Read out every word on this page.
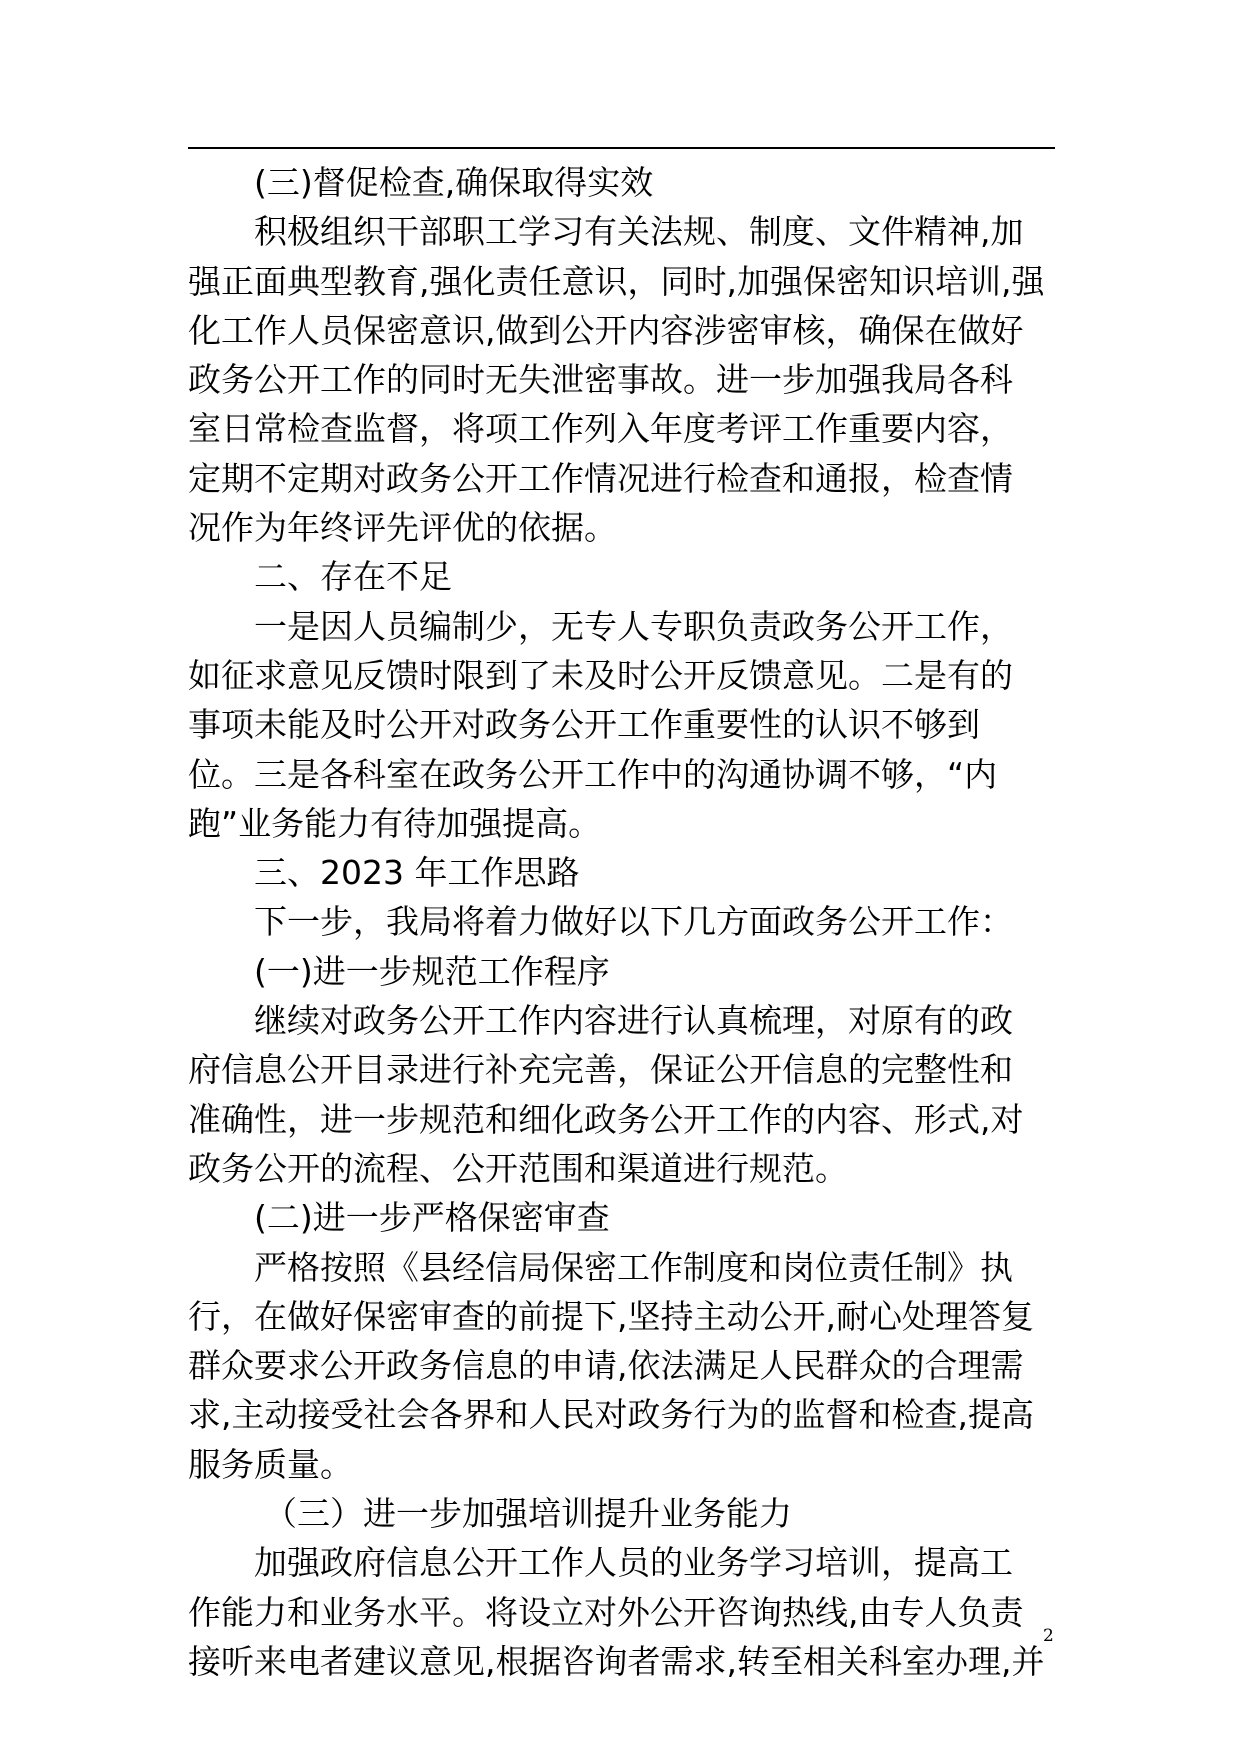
(三)督促检查,确保取得实效
积极组织干部职工学习有关法规、制度、文件精神,加
强正面典型教育,强化责任意识，同时,加强保密知识培训,强
化工作人员保密意识,做到公开内容涉密审核，确保在做好
政务公开工作的同时无失泄密事故。进一步加强我局各科
室日常检查监督，将项工作列入年度考评工作重要内容，
定期不定期对政务公开工作情况进行检查和通报，检查情
况作为年终评先评优的依据。
二、存在不足
一是因人员编制少，无专人专职负责政务公开工作，
如征求意见反馈时限到了未及时公开反馈意见。二是有的
事项未能及时公开对政务公开工作重要性的认识不够到
位。三是各科室在政务公开工作中的沟通协调不够，“内
跑”业务能力有待加强提高。
三、2023 年工作思路
下一步，我局将着力做好以下几方面政务公开工作：
(一)进一步规范工作程序
继续对政务公开工作内容进行认真梳理，对原有的政
府信息公开目录进行补充完善，保证公开信息的完整性和
准确性，进一步规范和细化政务公开工作的内容、形式,对
政务公开的流程、公开范围和渠道进行规范。
(二)进一步严格保密审查
严格按照《县经信局保密工作制度和岗位责任制》执
行，在做好保密审查的前提下,坚持主动公开,耐心处理答复
群众要求公开政务信息的申请,依法满足人民群众的合理需
求,主动接受社会各界和人民对政务行为的监督和检查,提高
服务质量。
（三）进一步加强培训提升业务能力
加强政府信息公开工作人员的业务学习培训，提高工
作能力和业务水平。将设立对外公开咨询热线,由专人负责
接听来电者建议意见,根据咨询者需求,转至相关科室办理,并
2
